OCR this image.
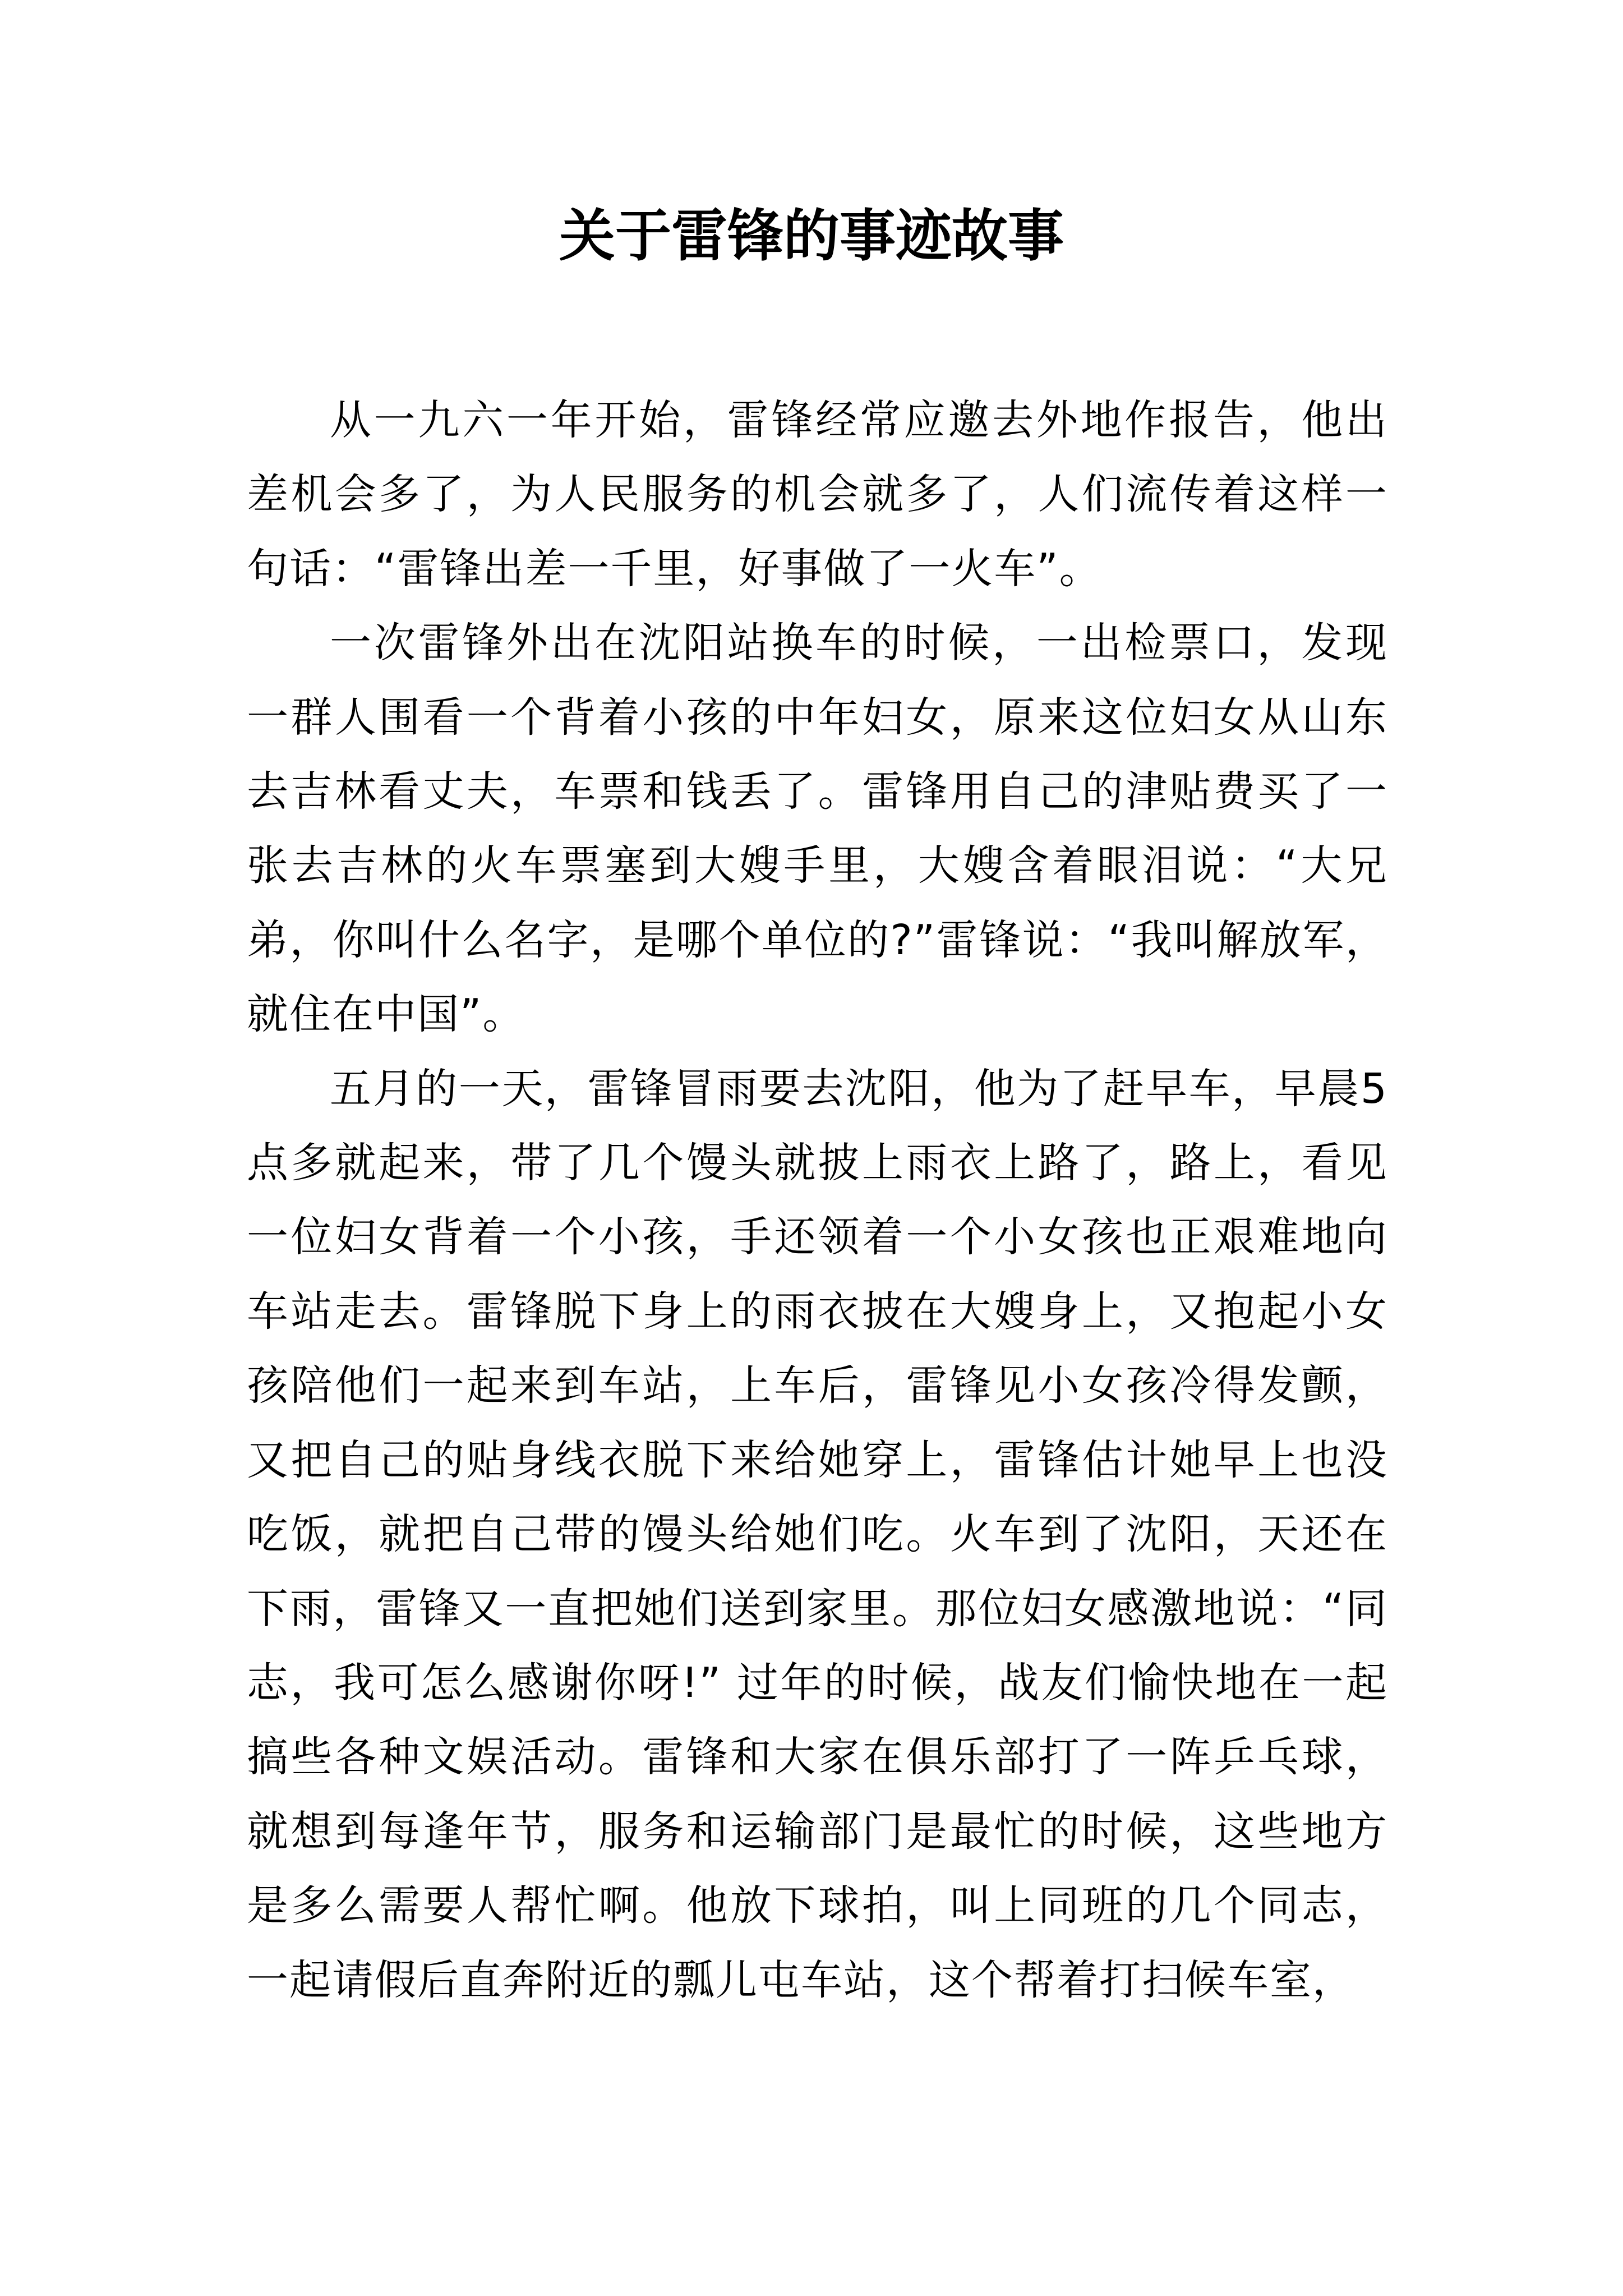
关于雷锋的事迹故事

从一九六一年开始，雷锋经常应邀去外地作报告，他出差机会多了，为人民服务的机会就多了，人们流传着这样一句话：“雷锋出差一千里，好事做了一火车”。

一次雷锋外出在沈阳站换车的时候，一出检票口，发现一群人围看一个背着小孩的中年妇女，原来这位妇女从山东去吉林看丈夫，车票和钱丢了。雷锋用自己的津贴费买了一张去吉林的火车票塞到大嫂手里，大嫂含着眼泪说：“大兄弟，你叫什么名字，是哪个单位的?”雷锋说：“我叫解放军，就住在中国”。

五月的一天，雷锋冒雨要去沈阳，他为了赶早车，早晨5点多就起来，带了几个馒头就披上雨衣上路了，路上，看见一位妇女背着一个小孩，手还领着一个小女孩也正艰难地向车站走去。雷锋脱下身上的雨衣披在大嫂身上，又抱起小女孩陪他们一起来到车站，上车后，雷锋见小女孩冷得发颤，又把自己的贴身线衣脱下来给她穿上，雷锋估计她早上也没吃饭，就把自己带的馒头给她们吃。火车到了沈阳，天还在下雨，雷锋又一直把她们送到家里。那位妇女感激地说：“同志，我可怎么感谢你呀!” 过年的时候，战友们愉快地在一起搞些各种文娱活动。雷锋和大家在俱乐部打了一阵乒乓球，就想到每逢年节，服务和运输部门是最忙的时候，这些地方是多么需要人帮忙啊。他放下球拍，叫上同班的几个同志，一起请假后直奔附近的瓢儿屯车站，这个帮着打扫候车室，
